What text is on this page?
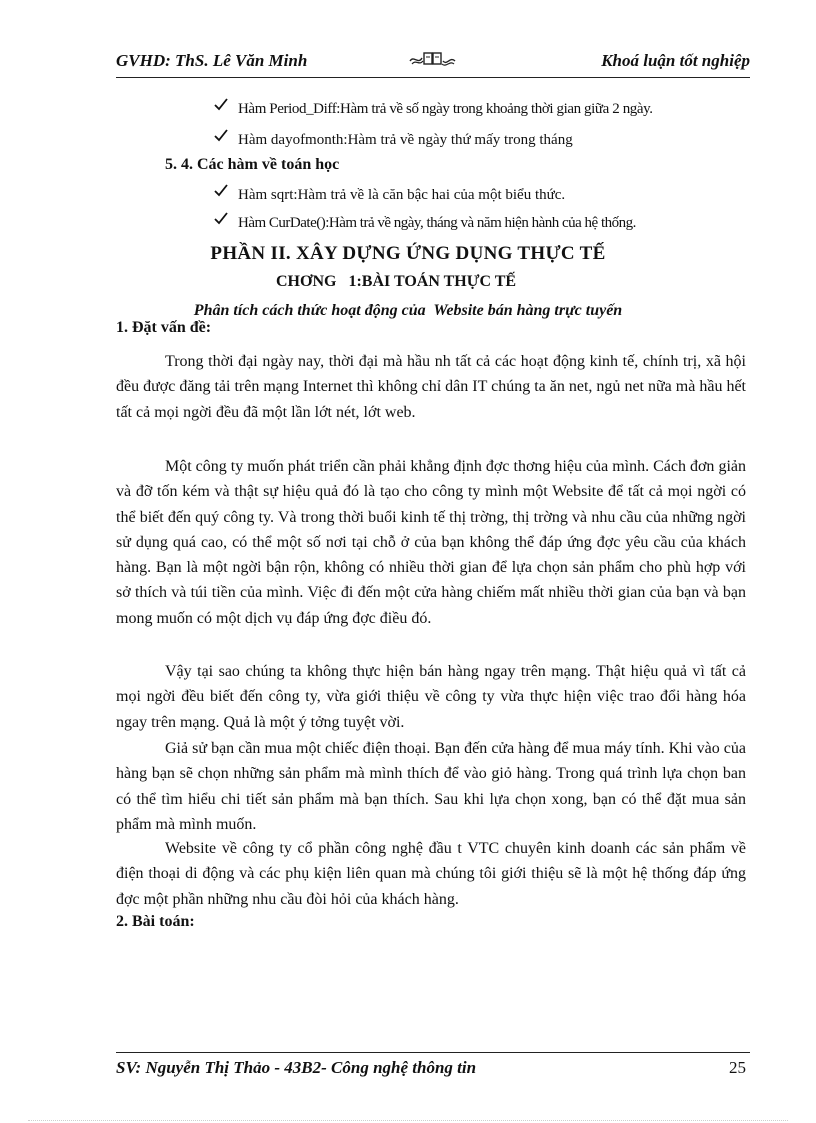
GVHD: ThS. Lê Văn Minh	Khoá luận tốt nghiệp
Hàm Period_Diff:Hàm trả về số ngày trong khoảng thời gian giữa 2 ngày.
Hàm dayofmonth:Hàm trả về ngày thứ mấy trong tháng
5. 4. Các hàm về toán học
Hàm sqrt:Hàm trả về là căn bậc hai của một biểu thức.
Hàm CurDate():Hàm trả về ngày, tháng và năm hiện hành của hệ thống.
PHẦN II. XÂY DỰNG ỨNG DỤNG THỰC TẾ
CHƠNG   1:BÀI TOÁN THỰC TẾ
Phân tích cách thức hoạt động của  Website bán hàng trực tuyến
1. Đặt vấn đề:

Trong thời đại ngày nay, thời đại mà hầu nh tất cả các hoạt động kinh tế, chính trị, xã hội đều được đăng tải trên mạng Internet thì không chỉ dân IT chúng ta ăn net, ngủ net nữa mà hầu hết tất cả mọi ngời đều đã một lần lớt nét, lớt web.

Một công ty muốn phát triển cần phải khẳng định đợc thơng hiệu của mình. Cách đơn giản và đỡ tốn kém và thật sự hiệu quả đó là tạo cho công ty mình một Website để tất cả mọi ngời có thể biết đến quý công ty. Và trong thời buổi kinh tế thị trờng, thị trờng và nhu cầu của những ngời sử dụng quá cao, có thể một số nơi tại chỗ ở của bạn không thể đáp ứng đợc yêu cầu của khách hàng. Bạn là một ngời bận rộn, không có nhiều thời gian để lựa chọn sản phẩm cho phù hợp với sở thích và túi tiền của mình. Việc đi đến một cửa hàng chiếm mất nhiều thời gian của bạn và bạn mong muốn có một dịch vụ đáp ứng đợc điều đó.

Vậy tại sao chúng ta không thực hiện bán hàng ngay trên mạng. Thật hiệu quả vì tất cả mọi ngời đều biết đến công ty, vừa giới thiệu về công ty vừa thực hiện việc trao đổi hàng hóa ngay trên mạng. Quả là một ý tởng tuyệt vời.

Giả sử bạn cần mua một chiếc điện thoại. Bạn đến cửa hàng để mua máy tính. Khi vào của hàng bạn sẽ chọn những sản phẩm mà mình thích để vào giỏ hàng. Trong quá trình lựa chọn ban có thể tìm hiểu chi tiết sản phẩm mà bạn thích. Sau khi lựa chọn xong, bạn có thể đặt mua sản phẩm mà mình muốn.

Website về công ty cổ phần công nghệ đầu t VTC chuyên kinh doanh các sản phẩm về điện thoại di động và các phụ kiện liên quan mà chúng tôi giới thiệu sẽ là một hệ thống đáp ứng đợc một phần những nhu cầu đòi hỏi của khách hàng.

2. Bài toán:
SV: Nguyễn Thị Thảo - 43B2- Công nghệ thông tin	25
